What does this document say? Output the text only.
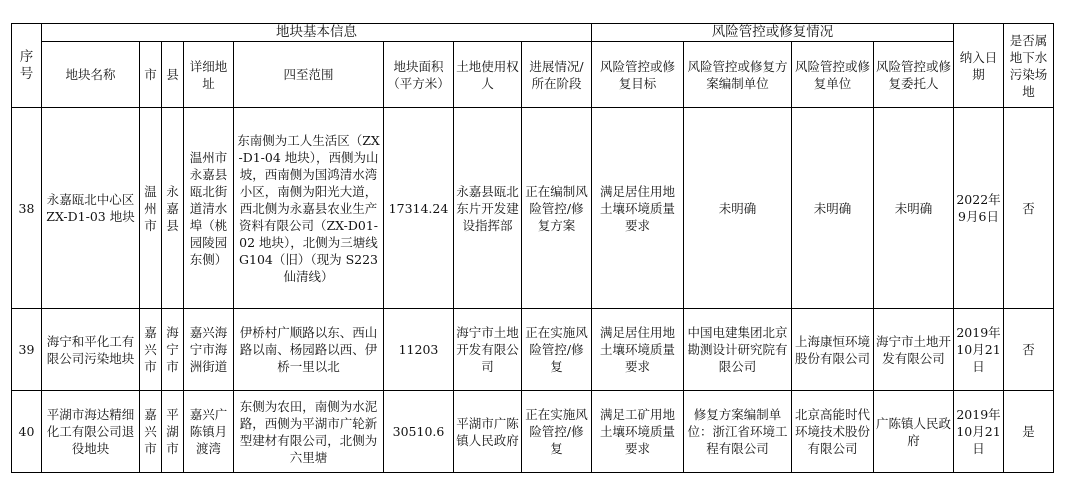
序号	地块基本信息								风险管控或修复情况				纳入日期	是否属地下水污染场地
	地块名称	市	县	详细地址	四至范围	地块面积（平方米）	土地使用权人	进展情况/所在阶段	风险管控或修复目标	风险管控或修复方案编制单位	风险管控或修复单位	风险管控或修复委托人		
38	永嘉瓯北中心区 ZX-D1-03 地块	温州市	永嘉县	温州市永嘉县瓯北街道清水埠（桃园陵园东侧）	东南侧为工人生活区（ZX-D1-04 地块），西侧为山坡，西南侧为国鸿清水湾小区，南侧为阳光大道，西北侧为永嘉县农业生产资料有限公司（ZX-D01-02 地块），北侧为三塘线 G104（旧）（现为 S223 仙清线）	17314.24	永嘉县瓯北东片开发建设指挥部	正在编制风险管控/修复方案	满足居住用地土壤环境质量要求	未明确	未明确	未明确	2022年9月6日	否
39	海宁和平化工有限公司污染地块	嘉兴市	海宁市	嘉兴海宁市海洲街道	伊桥村广顺路以东、西山路以南、杨园路以西、伊桥一里以北	11203	海宁市土地开发有限公司	正在实施风险管控/修复	满足居住用地土壤环境质量要求	中国电建集团北京勘测设计研究院有限公司	上海康恒环境股份有限公司	海宁市土地开发有限公司	2019年10月21日	否
40	平湖市海达精细化工有限公司退役地块	嘉兴市	平湖市	嘉兴广陈镇月渡湾	东侧为农田，南侧为水泥路，西侧为平湖市广轮新型建材有限公司，北侧为六里塘	30510.6	平湖市广陈镇人民政府	正在实施风险管控/修复	满足工矿用地土壤环境质量要求	修复方案编制单位：浙江省环境工程有限公司	北京高能时代环境技术股份有限公司	广陈镇人民政府	2019年10月21日	是
